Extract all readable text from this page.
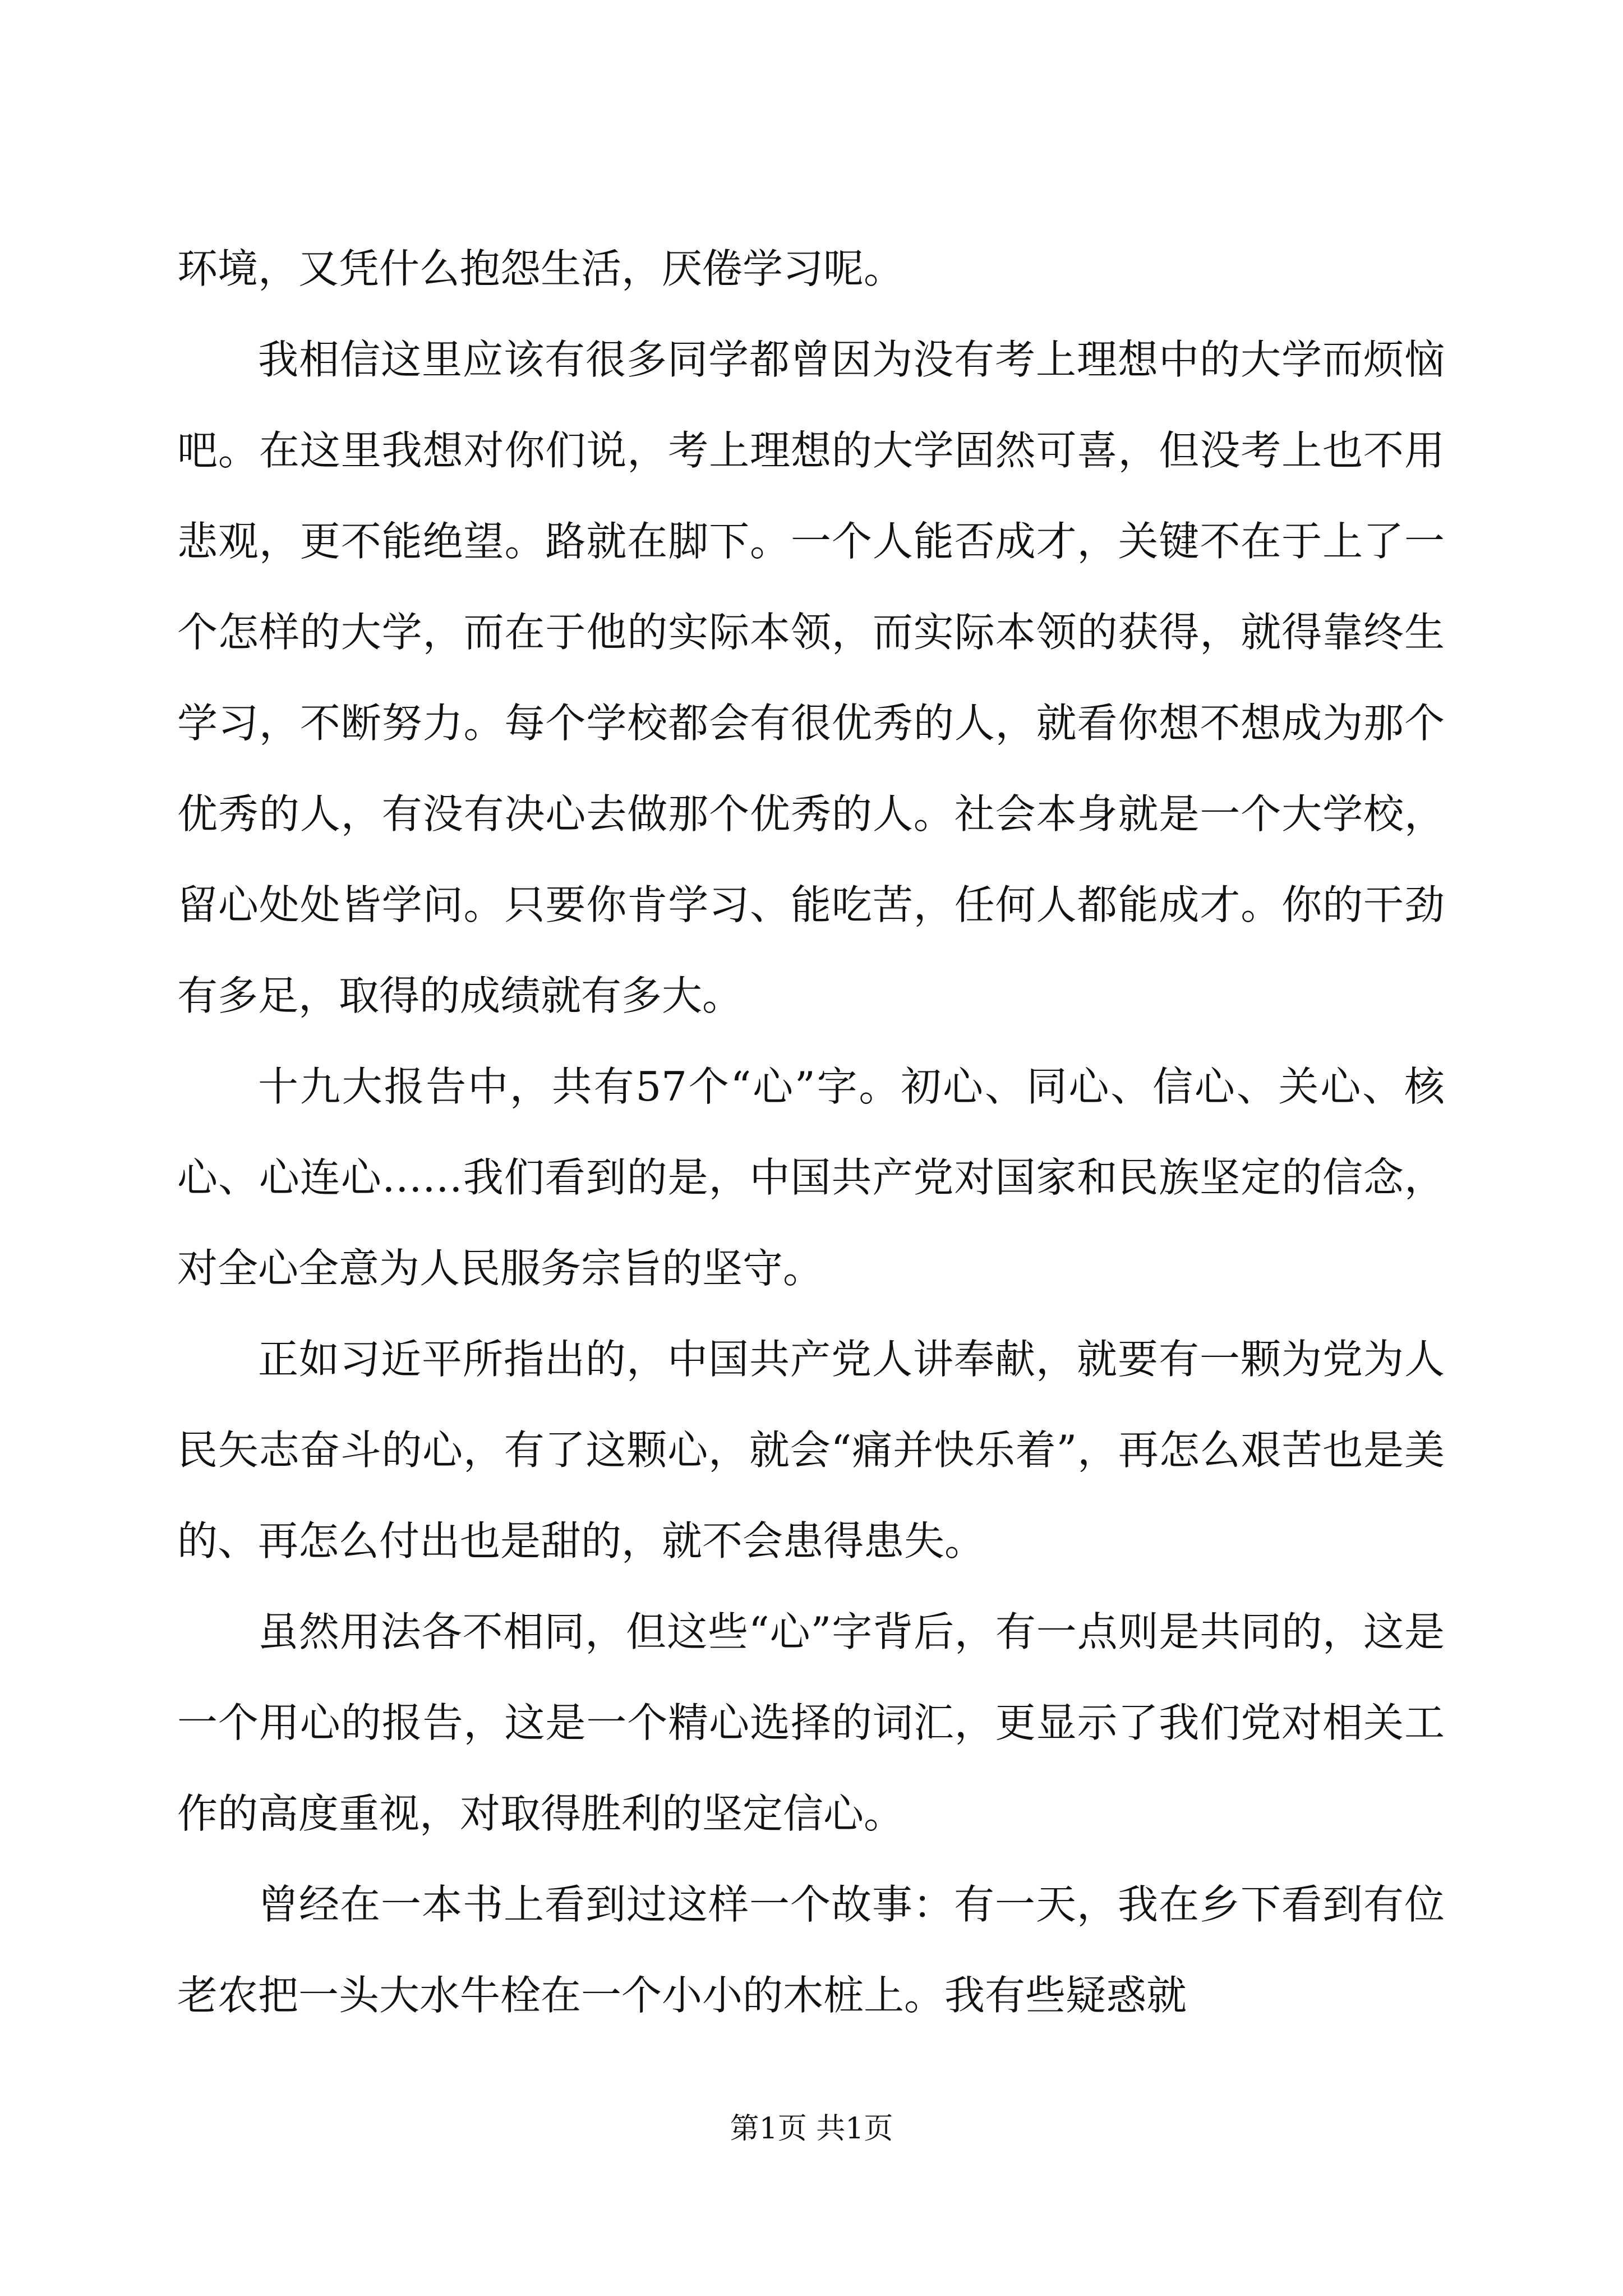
环境，又凭什么抱怨生活，厌倦学习呢。

我相信这里应该有很多同学都曾因为没有考上理想中的大学而烦恼吧。在这里我想对你们说，考上理想的大学固然可喜，但没考上也不用悲观，更不能绝望。路就在脚下。一个人能否成才，关键不在于上了一个怎样的大学，而在于他的实际本领，而实际本领的获得，就得靠终生学习，不断努力。每个学校都会有很优秀的人，就看你想不想成为那个优秀的人，有没有决心去做那个优秀的人。社会本身就是一个大学校，留心处处皆学问。只要你肯学习、能吃苦，任何人都能成才。你的干劲有多足，取得的成绩就有多大。

十九大报告中，共有57个“心”字。初心、同心、信心、关心、核心、心连心……我们看到的是，中国共产党对国家和民族坚定的信念，对全心全意为人民服务宗旨的坚守。

正如习近平所指出的，中国共产党人讲奉献，就要有一颗为党为人民矢志奋斗的心，有了这颗心，就会“痛并快乐着”，再怎么艰苦也是美的、再怎么付出也是甜的，就不会患得患失。

虽然用法各不相同，但这些“心”字背后，有一点则是共同的，这是一个用心的报告，这是一个精心选择的词汇，更显示了我们党对相关工作的高度重视，对取得胜利的坚定信心。

曾经在一本书上看到过这样一个故事：有一天，我在乡下看到有位老农把一头大水牛栓在一个小小的木桩上。我有些疑惑就

第1页 共1页
